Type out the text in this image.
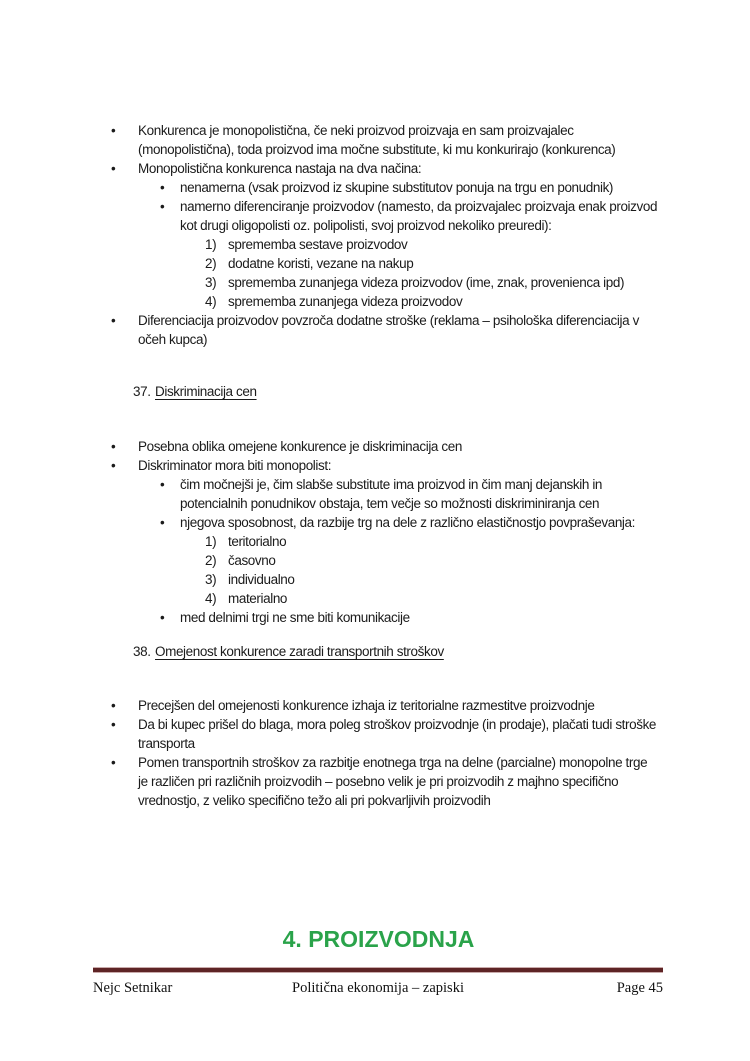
•	Konkurenca je monopolistična, če neki proizvod proizvaja en sam proizvajalec
(monopolistična), toda proizvod ima močne substitute, ki mu konkurirajo (konkurenca)
•	Monopolistična konkurenca nastaja na dva načina:
•	nenamerna (vsak proizvod iz skupine substitutov ponuja na trgu en ponudnik)
•	namerno diferenciranje proizvodov (namesto, da proizvajalec proizvaja enak proizvod
kot drugi oligopolisti oz. polipolisti, svoj proizvod nekoliko preuredi):
1) sprememba sestave proizvodov
2) dodatne koristi, vezane na nakup
3) sprememba zunanjega videza proizvodov (ime, znak, provenienca ipd)
4) sprememba zunanjega videza proizvodov
•	Diferenciacija proizvodov povzroča dodatne stroške (reklama – psihološka diferenciacija v
očeh kupca)
37. Diskriminacija cen
•	Posebna oblika omejene konkurence je diskriminacija cen
•	Diskriminator mora biti monopolist:
•	čim močnejši je, čim slabše substitute ima proizvod in čim manj dejanskih in
potencialnih ponudnikov obstaja, tem večje so možnosti diskriminiranja cen
•	njegova sposobnost, da razbije trg na dele z različno elastičnostjo povpraševanja:
1) teritorialno
2) časovno
3) individualno
4) materialno
•	med delnimi trgi ne sme biti komunikacije
38. Omejenost konkurence zaradi transportnih stroškov
•	Precejšen del omejenosti konkurence izhaja iz teritorialne razmestitve proizvodnje
•	Da bi kupec prišel do blaga, mora poleg stroškov proizvodnje (in prodaje), plačati tudi stroške
transporta
•	Pomen transportnih stroškov za razbitje enotnega trga na delne (parcialne) monopolne trge
je različen pri različnih proizvodih – posebno velik je pri proizvodih z majhno specifično
vrednostjo, z veliko specifično težo ali pri pokvarljivih proizvodih
4. PROIZVODNJA
Nejc Setnikar	Politična ekonomija – zapiski	Page 45
